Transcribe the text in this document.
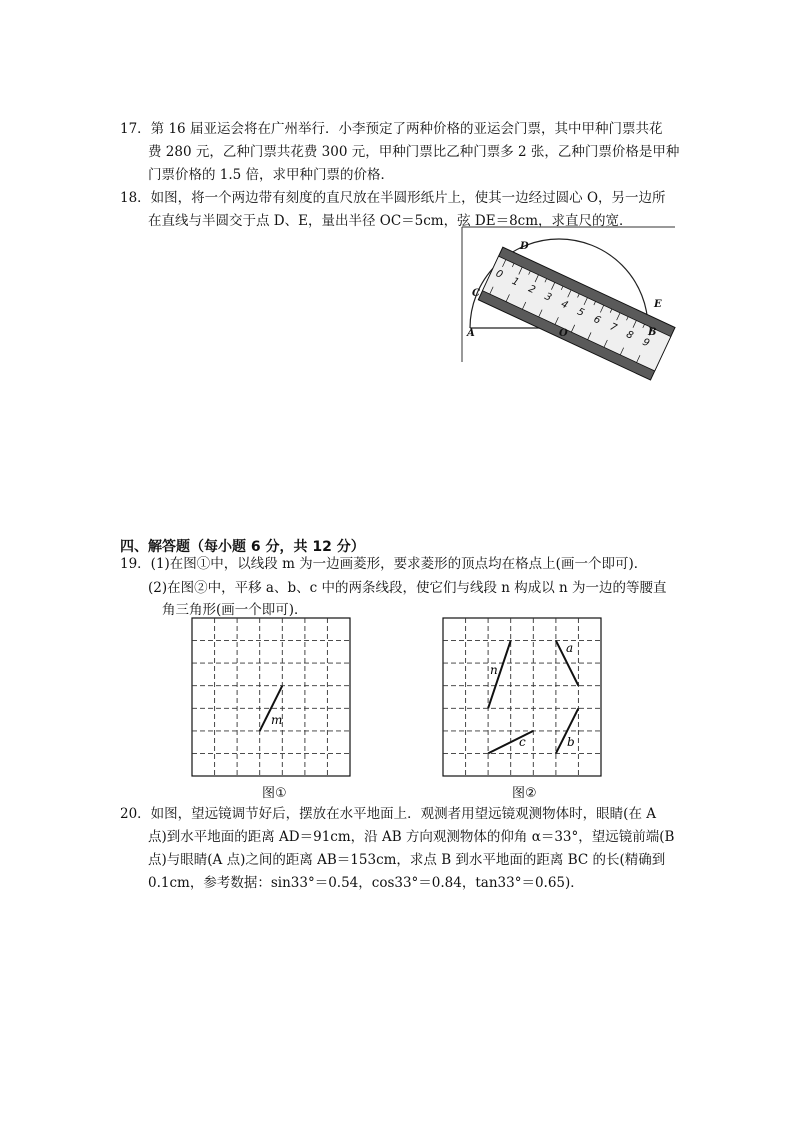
17．第 16 届亚运会将在广州举行．小李预定了两种价格的亚运会门票，其中甲种门票共花
费 280 元，乙种门票共花费 300 元，甲种门票比乙种门票多 2 张，乙种门票价格是甲种
门票价格的 1.5 倍，求甲种门票的价格．
18．如图，将一个两边带有刻度的直尺放在半圆形纸片上，使其一边经过圆心 O，另一边所
在直线与半圆交于点 D、E，量出半径 OC＝5cm，弦 DE＝8cm，求直尺的宽．
0
1
2
3
4
5
6
7
8
9
D
C
A	O
E
B
四、解答题（每小题 6 分，共 12 分）
19．(1)在图①中，以线段 m 为一边画菱形，要求菱形的顶点均在格点上(画一个即可)．
(2)在图②中，平移 a、b、c 中的两条线段，使它们与线段 n 构成以 n 为一边的等腰直
角三角形(画一个即可)．
m
图①
n
a
b
c
图②
20．如图，望远镜调节好后，摆放在水平地面上．观测者用望远镜观测物体时，眼睛(在 A
点)到水平地面的距离 AD＝91cm，沿 AB 方向观测物体的仰角 α＝33°，望远镜前端(B
点)与眼睛(A 点)之间的距离 AB＝153cm，求点 B 到水平地面的距离 BC 的长(精确到
0.1cm，参考数据：sin33°＝0.54，cos33°＝0.84，tan33°＝0.65)．
